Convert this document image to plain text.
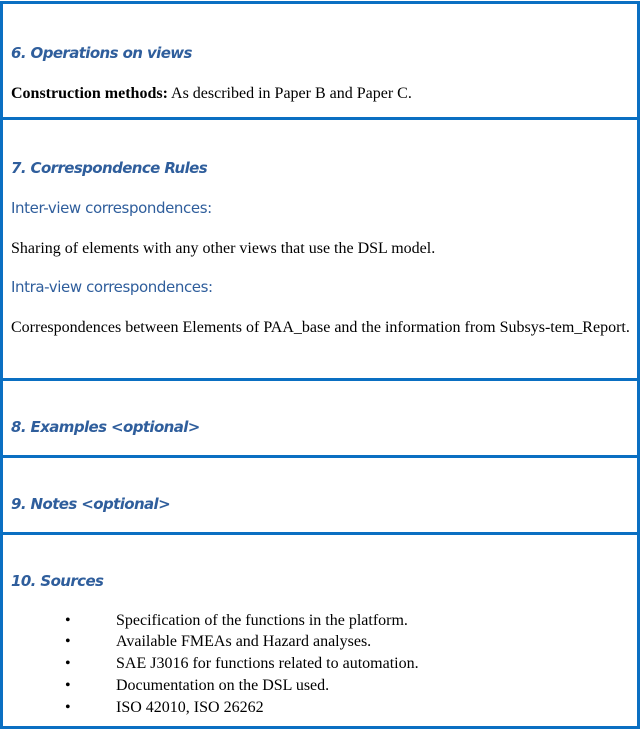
6. Operations on views
Construction methods: As described in Paper B and Paper C.
7. Correspondence Rules
Inter-view correspondences:
Sharing of elements with any other views that use the DSL model.
Intra-view correspondences:
Correspondences between Elements of PAA_base and the information from Subsys-tem_Report.
8. Examples <optional>
9. Notes <optional>
10. Sources
•	Specification of the functions in the platform.
•	Available FMEAs and Hazard analyses.
•	SAE J3016 for functions related to automation.
•	Documentation on the DSL used.
•	ISO 42010, ISO 26262
